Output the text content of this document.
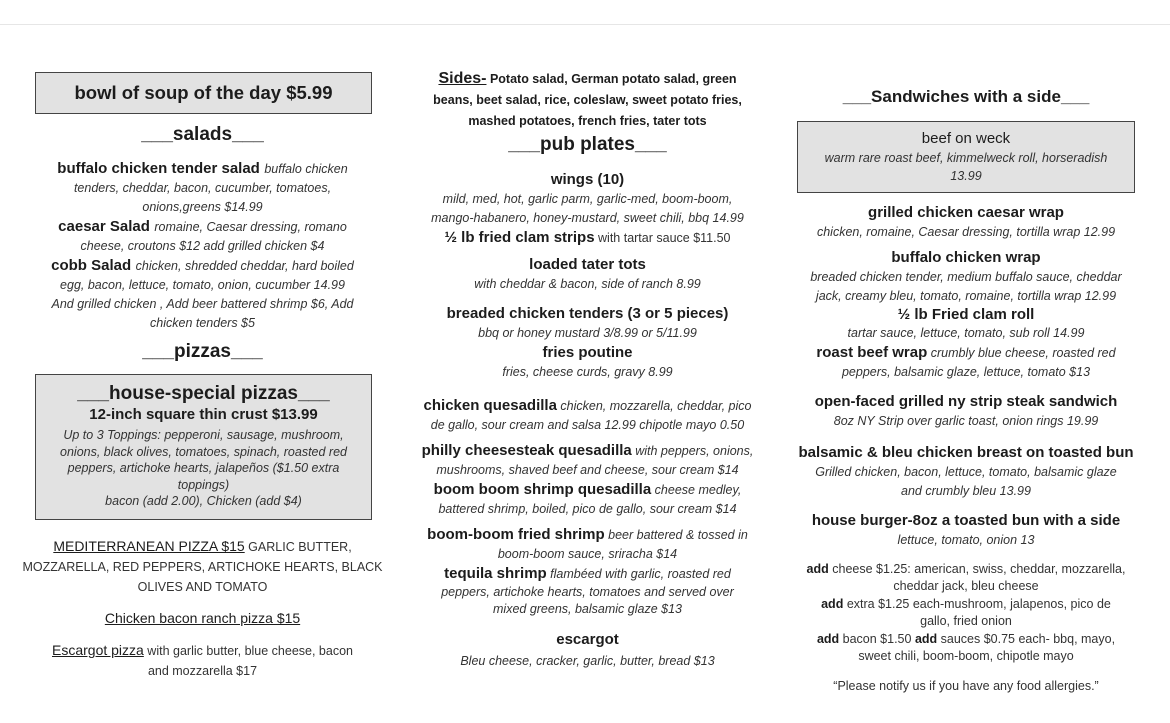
bowl of soup of the day $5.99
___salads___
buffalo chicken tender salad buffalo chicken
tenders, cheddar, bacon, cucumber, tomatoes,
onions,greens $14.99
caesar Salad romaine, Caesar dressing, romano
cheese, croutons $12 add grilled chicken $4
cobb Salad chicken, shredded cheddar, hard boiled
egg, bacon, lettuce, tomato, onion, cucumber 14.99
And grilled chicken , Add beer battered shrimp $6, Add
chicken tenders $5
___pizzas___
___house-special pizzas___
12-inch square thin crust $13.99
Up to 3 Toppings: pepperoni, sausage, mushroom,
onions, black olives, tomatoes, spinach, roasted red
peppers, artichoke hearts, jalapeños ($1.50 extra
toppings)
bacon (add 2.00), Chicken (add $4)
MEDITERRANEAN PIZZA $15 GARLIC BUTTER,
MOZZARELLA, RED PEPPERS, ARTICHOKE HEARTS, BLACK
OLIVES AND TOMATO
Chicken bacon ranch pizza $15
Escargot pizza with garlic butter, blue cheese, bacon
and mozzarella $17
Sides- Potato salad, German potato salad, green
beans, beet salad, rice, coleslaw, sweet potato fries,
mashed potatoes, french fries, tater tots
___pub plates___
wings (10)
mild, med, hot, garlic parm, garlic-med, boom-boom,
mango-habanero, honey-mustard, sweet chili, bbq 14.99
½ lb fried clam strips with tartar sauce $11.50
loaded tater tots
with cheddar & bacon, side of ranch 8.99
breaded chicken tenders (3 or 5 pieces)
bbq or honey mustard 3/8.99 or 5/11.99
fries poutine
fries, cheese curds, gravy 8.99
chicken quesadilla chicken, mozzarella, cheddar, pico
de gallo, sour cream and salsa 12.99 chipotle mayo 0.50
philly cheesesteak quesadilla with peppers, onions,
mushrooms, shaved beef and cheese, sour cream $14
boom boom shrimp quesadilla cheese medley,
battered shrimp, boiled, pico de gallo, sour cream $14
boom-boom fried shrimp beer battered & tossed in
boom-boom sauce, sriracha $14
tequila shrimp flambéed with garlic, roasted red
peppers, artichoke hearts, tomatoes and served over
mixed greens, balsamic glaze $13
escargot
Bleu cheese, cracker, garlic, butter, bread $13
___Sandwiches with a side___
beef on weck
warm rare roast beef, kimmelweck roll, horseradish
13.99
grilled chicken caesar wrap
chicken, romaine, Caesar dressing, tortilla wrap 12.99
buffalo chicken wrap
breaded chicken tender, medium buffalo sauce, cheddar
jack, creamy bleu, tomato, romaine, tortilla wrap 12.99
½ lb Fried clam roll
tartar sauce, lettuce, tomato, sub roll 14.99
roast beef wrap crumbly blue cheese, roasted red
peppers, balsamic glaze, lettuce, tomato $13
open-faced grilled ny strip steak sandwich
8oz NY Strip over garlic toast, onion rings 19.99
balsamic & bleu chicken breast on toasted bun
Grilled chicken, bacon, lettuce, tomato, balsamic glaze
and crumbly bleu 13.99
house burger-8oz a toasted bun with a side
lettuce, tomato, onion 13
add cheese $1.25: american, swiss, cheddar, mozzarella,
cheddar jack, bleu cheese
add extra $1.25 each-mushroom, jalapenos, pico de
gallo, fried onion
add bacon $1.50 add sauces $0.75 each- bbq, mayo,
sweet chili, boom-boom, chipotle mayo
“Please notify us if you have any food allergies.”
